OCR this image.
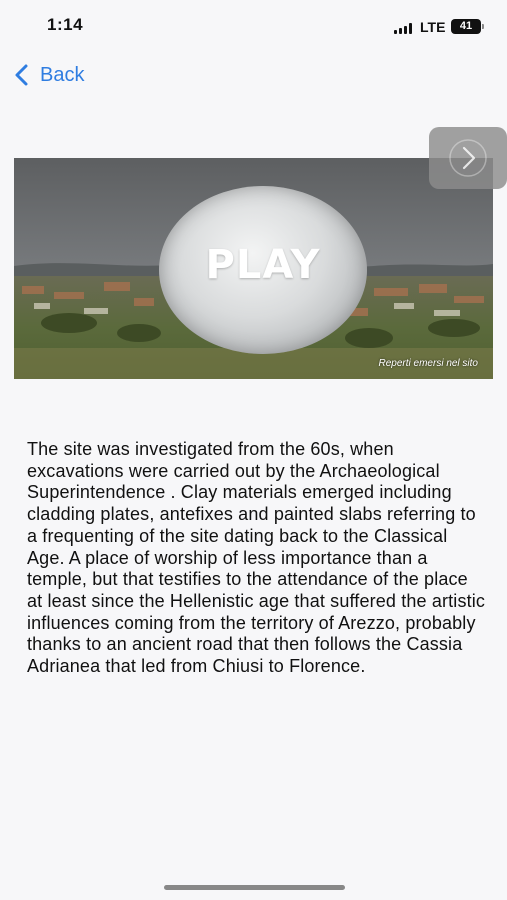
1:14	LTE	41
Back
PLAY
Reperti emersi nel sito

The site was investigated from the 60s, when excavations were carried out by the Archaeological Superintendence . Clay materials emerged including cladding plates, antefixes and painted slabs referring to a frequenting of the site dating back to the Classical Age. A place of worship of less importance than a temple, but that testifies to the attendance of the place at least since the Hellenistic age that suffered the artistic influences coming from the territory of Arezzo, probably thanks to an ancient road that then follows the Cassia Adrianea that led from Chiusi to Florence.
